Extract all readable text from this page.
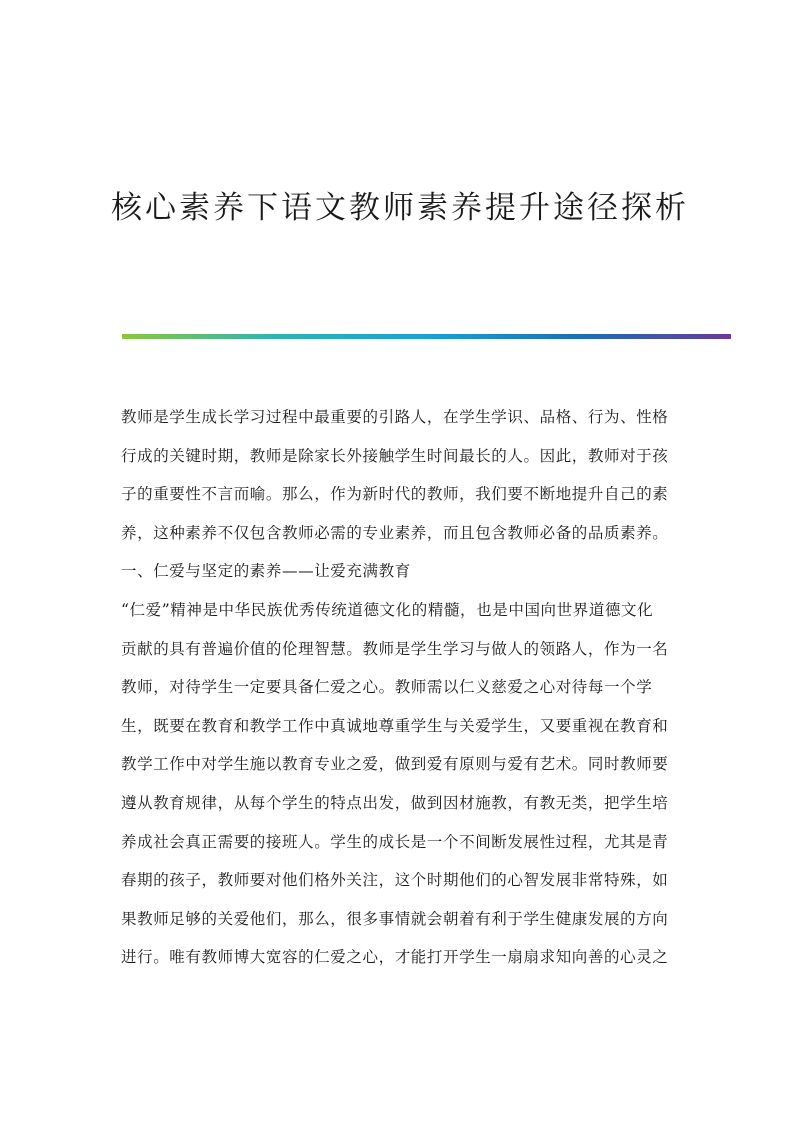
核心素养下语文教师素养提升途径探析
教师是学生成长学习过程中最重要的引路人，在学生学识、品格、行为、性格
行成的关键时期，教师是除家长外接触学生时间最长的人。因此，教师对于孩
子的重要性不言而喻。那么，作为新时代的教师，我们要不断地提升自己的素
养，这种素养不仅包含教师必需的专业素养，而且包含教师必备的品质素养。
一、仁爱与坚定的素养——让爱充满教育
“仁爱”精神是中华民族优秀传统道德文化的精髓，也是中国向世界道德文化
贡献的具有普遍价值的伦理智慧。教师是学生学习与做人的领路人，作为一名
教师，对待学生一定要具备仁爱之心。教师需以仁义慈爱之心对待每一个学
生，既要在教育和教学工作中真诚地尊重学生与关爱学生，又要重视在教育和
教学工作中对学生施以教育专业之爱，做到爱有原则与爱有艺术。同时教师要
遵从教育规律，从每个学生的特点出发，做到因材施教，有教无类，把学生培
养成社会真正需要的接班人。学生的成长是一个不间断发展性过程，尤其是青
春期的孩子，教师要对他们格外关注，这个时期他们的心智发展非常特殊，如
果教师足够的关爱他们，那么，很多事情就会朝着有利于学生健康发展的方向
进行。唯有教师博大宽容的仁爱之心，才能打开学生一扇扇求知向善的心灵之
